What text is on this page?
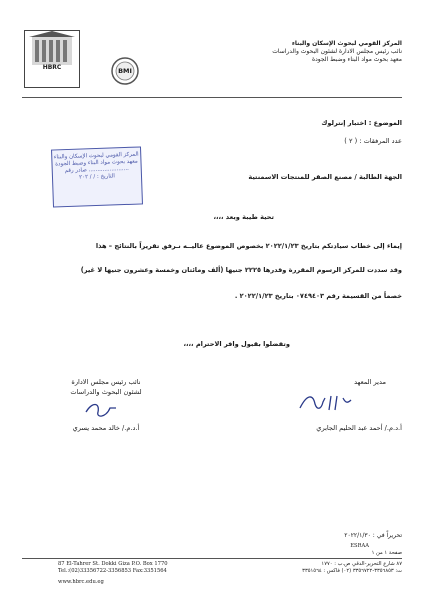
HBRC	BMI
المركز القومي لبحوث الإسكان والبناء
نائب رئيس مجلس الادارة لشئون البحوث والدراسات
معهد بحوث مواد البناء وضبط الجودة
الموضوع : اختبار إنترلوك
عدد المرفقات : ( ٢ )
المركز القومي لبحوث الإسكان والبناء
معهد بحوث مواد البناء وضبط الجودة
صادر رقم .......................
التاريخ : / / ٢٠٢	الجهة الطالبة / مصنع الصقر للمنتجات الاسمنتية
تحية طيبة وبعد ،،،،
إيماء إلى خطاب سيادتكم بتاريخ ٢٠٢٢/١/٢٣ بخصوص الموضوع عاليــه نـرفق تقريراً بالنتائج – هذا
وقد سددت للمركز الرسوم المقررة وقدرها ٢٢٢٥ جنيها (ألف ومائتان وخمسة وعشرون جنيها لا غير)
خصماً من القسيمة رقم ٠٧٤٩٤٠٣ بتاريخ ٢٠٢٢/١/٢٣ .
وتفضلوا بقبول وافر الاحترام ،،،،
مدير المعهد
أ.د.م./ أحمد عبد الحليم الجابري
نائب رئيس مجلس الادارة
لشئون البحوث والدراسات
أ.د.م./ خالد محمد يسري
تحريراً في : ٢٠٢٢/١/٣٠
ESRAA
صفحة ١ من ١
87 El-Tahrer St. Dokki Giza P.O. Box 1770
Tel.:(02)33356722-3356853 Fax:3351564
www.hbrc.edu.eg
٨٧ شارع التحرير-الدقي ص.ب : ١٧٧٠
ت: ٣٣٥٦٨٥٣-٣٣٥٦٧٢٢ (٠٢) فاكس : ٣٣٥١٥٦٤
